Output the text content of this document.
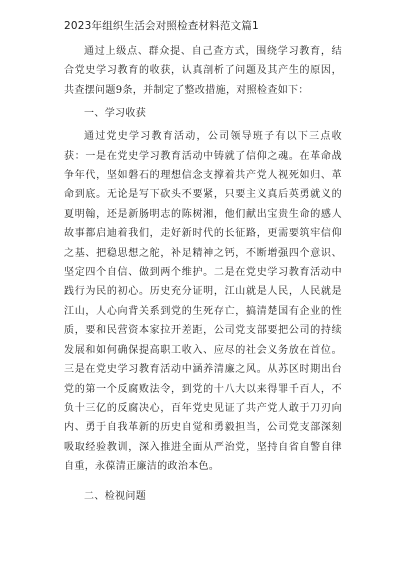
2023年组织生活会对照检查材料范文篇1

通过上级点、群众提、自己查方式，围绕学习教育，结合党史学习教育的收获，认真剖析了问题及其产生的原因，共查摆问题9条，并制定了整改措施，对照检查如下：

一、学习收获

通过党史学习教育活动，公司领导班子有以下三点收获：一是在党史学习教育活动中铸就了信仰之魂。在革命战争年代，坚如磐石的理想信念支撑着共产党人视死如归、革命到底。无论是写下砍头不要紧，只要主义真后英勇就义的夏明翰，还是新肠明志的陈树湘，他们献出宝贵生命的感人故事都启迪着我们，走好新时代的长征路，更需要筑牢信仰之基、把稳思想之舵，补足精神之钙，不断增强四个意识、坚定四个自信、做到两个维护。二是在党史学习教育活动中践行为民的初心。历史充分证明，江山就是人民，人民就是江山，人心向背关系到党的生死存亡，搞清楚国有企业的性质，要和民营资本家拉开差距，公司党支部要把公司的持续发展和如何确保提高职工收入、应尽的社会义务放在首位。三是在党史学习教育活动中涵养清廉之风。从苏区时期出台党的第一个反腐败法令，到党的十八大以来得罪千百人，不负十三亿的反腐决心，百年党史见证了共产党人敢于刀刃向内、勇于自我革新的历史自觉和勇毅担当，公司党支部深刻吸取经验教训，深入推进全面从严治党，坚持自省自警自律自重，永葆清正廉洁的政治本色。

二、检视问题
